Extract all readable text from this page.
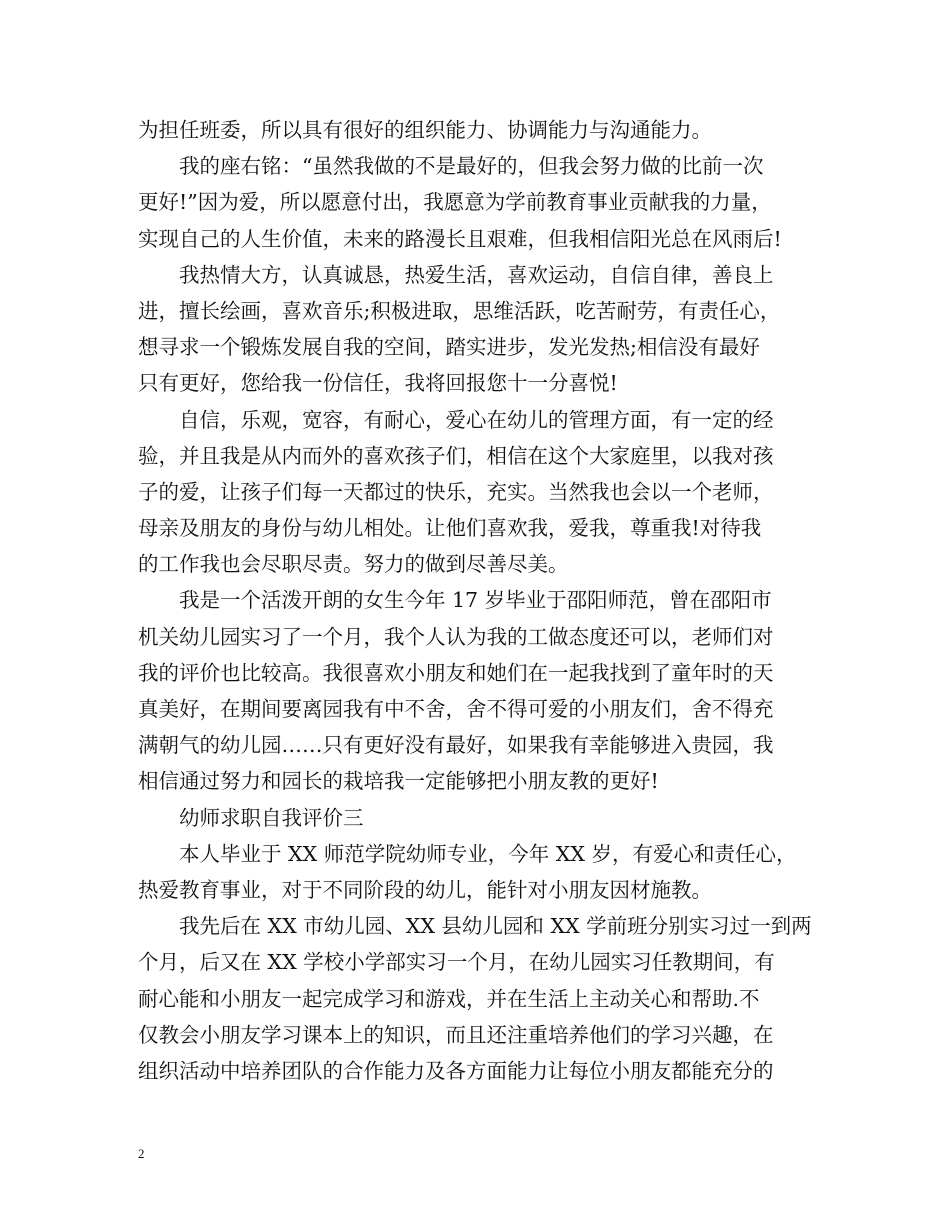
为担任班委，所以具有很好的组织能力、协调能力与沟通能力。
我的座右铭：“虽然我做的不是最好的，但我会努力做的比前一次
更好!”因为爱，所以愿意付出，我愿意为学前教育事业贡献我的力量，
实现自己的人生价值，未来的路漫长且艰难，但我相信阳光总在风雨后!
我热情大方，认真诚恳，热爱生活，喜欢运动，自信自律，善良上
进，擅长绘画，喜欢音乐;积极进取，思维活跃，吃苦耐劳，有责任心，
想寻求一个锻炼发展自我的空间，踏实进步，发光发热;相信没有最好
只有更好，您给我一份信任，我将回报您十一分喜悦!
自信，乐观，宽容，有耐心，爱心在幼儿的管理方面，有一定的经
验，并且我是从内而外的喜欢孩子们，相信在这个大家庭里，以我对孩
子的爱，让孩子们每一天都过的快乐，充实。当然我也会以一个老师，
母亲及朋友的身份与幼儿相处。让他们喜欢我，爱我，尊重我!对待我
的工作我也会尽职尽责。努力的做到尽善尽美。
我是一个活泼开朗的女生今年 17 岁毕业于邵阳师范，曾在邵阳市
机关幼儿园实习了一个月，我个人认为我的工做态度还可以，老师们对
我的评价也比较高。我很喜欢小朋友和她们在一起我找到了童年时的天
真美好，在期间要离园我有中不舍，舍不得可爱的小朋友们，舍不得充
满朝气的幼儿园……只有更好没有最好，如果我有幸能够进入贵园，我
相信通过努力和园长的栽培我一定能够把小朋友教的更好!
幼师求职自我评价三
本人毕业于 XX 师范学院幼师专业，今年 XX 岁，有爱心和责任心，
热爱教育事业，对于不同阶段的幼儿，能针对小朋友因材施教。
我先后在 XX 市幼儿园、XX 县幼儿园和 XX 学前班分别实习过一到两
个月，后又在 XX 学校小学部实习一个月，在幼儿园实习任教期间，有
耐心能和小朋友一起完成学习和游戏，并在生活上主动关心和帮助.不
仅教会小朋友学习课本上的知识，而且还注重培养他们的学习兴趣，在
组织活动中培养团队的合作能力及各方面能力让每位小朋友都能充分的
2
